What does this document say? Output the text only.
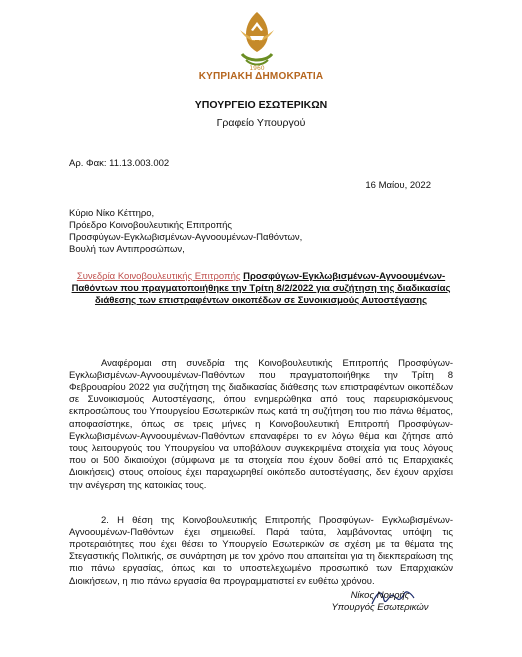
1960
ΚΥΠΡΙΑΚΗ ΔΗΜΟΚΡΑΤΙΑ
ΥΠΟΥΡΓΕΙΟ ΕΣΩΤΕΡΙΚΩΝ
Γραφείο Υπουργού
Αρ. Φακ: 11.13.003.002
16 Μαίου, 2022
Κύριο Νίκο Κέττηρο,
Πρόεδρο Κοινοβουλευτικής Επιτροπής
Προσφύγων-Εγκλωβισμένων-Αγνοουμένων-Παθόντων,
Βουλή των Αντιπροσώπων,
Συνεδρία Κοινοβουλευτικής Επιτροπής Προσφύγων-Εγκλωβισμένων-Αγνοουμένων-Παθόντων που πραγματοποιήθηκε την Τρίτη 8/2/2022 για συζήτηση της διαδικασίας διάθεσης των επιστραφέντων οικοπέδων σε Συνοικισμούς Αυτοστέγασης

Αναφέρομαι στη συνεδρία της Κοινοβουλευτικής Επιτροπής Προσφύγων-Εγκλωβισμένων-Αγνοουμένων-Παθόντων που πραγματοποιήθηκε την Τρίτη 8 Φεβρουαρίου 2022 για συζήτηση της διαδικασίας διάθεσης των επιστραφέντων οικοπέδων σε Συνοικισμούς Αυτοστέγασης, όπου ενημερώθηκα από τους παρευρισκόμενους εκπροσώπους του Υπουργείου Εσωτερικών πως κατά τη συζήτηση του πιο πάνω θέματος, αποφασίστηκε, όπως σε τρεις μήνες η Κοινοβουλευτική Επιτροπή Προσφύγων- Εγκλωβισμένων-Αγνοουμένων-Παθόντων επαναφέρει το εν λόγω θέμα και ζήτησε από τους λειτουργούς του Υπουργείου να υποβάλουν συγκεκριμένα στοιχεία για τους λόγους που οι 500 δικαιούχοι (σύμφωνα με τα στοιχεία που έχουν δοθεί από τις Επαρχιακές Διοικήσεις) στους οποίους έχει παραχωρηθεί οικόπεδο αυτοστέγασης, δεν έχουν αρχίσει την ανέγερση της κατοικίας τους.

2. Η θέση της Κοινοβουλευτικής Επιτροπής Προσφύγων- Εγκλωβισμένων-Αγνοουμένων-Παθόντων έχει σημειωθεί. Παρά ταύτα, λαμβάνοντας υπόψη τις προτεραιότητες που έχει θέσει το Υπουργείο Εσωτερικών σε σχέση με τα θέματα της Στεγαστικής Πολιτικής, σε συνάρτηση με τον χρόνο που απαιτείται για τη διεκπεραίωση της πιο πάνω εργασίας, όπως και το υποστελεχωμένο προσωπικό των Επαρχιακών Διοικήσεων, η πιο πάνω εργασία θα προγραμματιστεί εν ευθέτω χρόνου.

Νίκος Νουρής
Υπουργός Εσωτερικών
